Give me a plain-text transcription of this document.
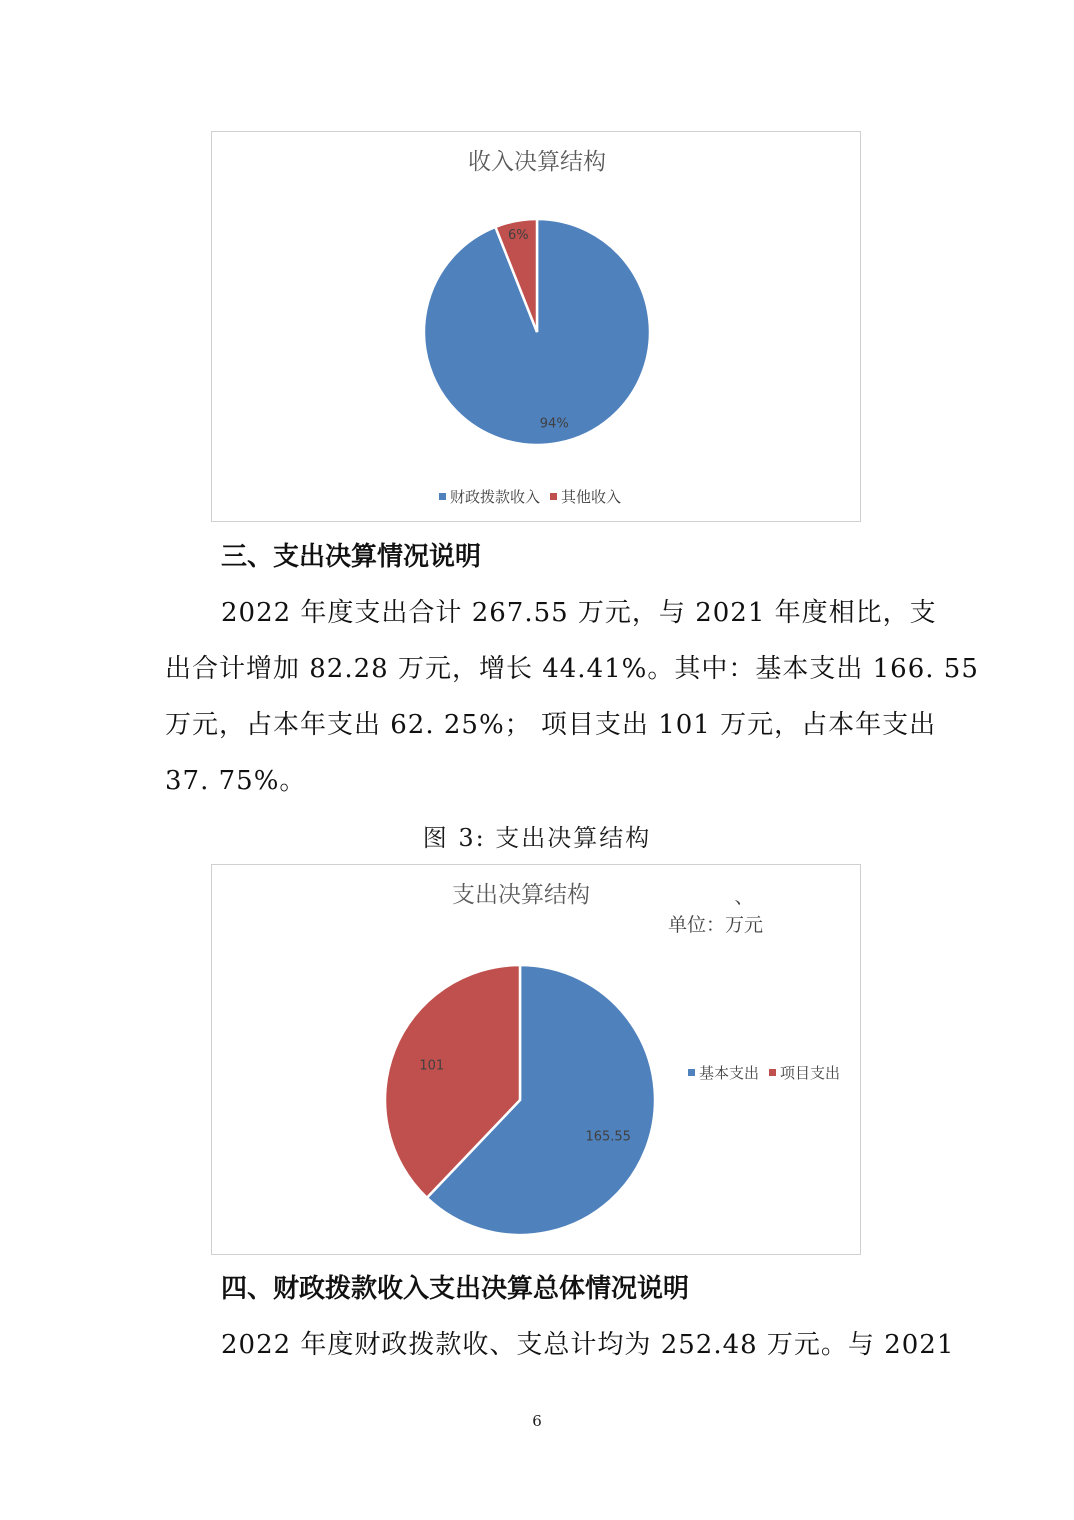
收入决算结构
94%
6%
财政拨款收入 其他收入
三、支出决算情况说明

2022 年度支出合计 267.55 万元，与 2021 年度相比，支

出合计增加 82.28 万元，增长 44.41%。其中：基本支出 166. 55

万元，占本年支出 62. 25%； 项目支出 101 万元，占本年支出

37. 75%。

图 3: 支出决算结构
支出决算结构	、
单位：万元
165.55
101	基本支出 项目支出
四、财政拨款收入支出决算总体情况说明

2022 年度财政拨款收、支总计均为 252.48 万元。与 2021

6
